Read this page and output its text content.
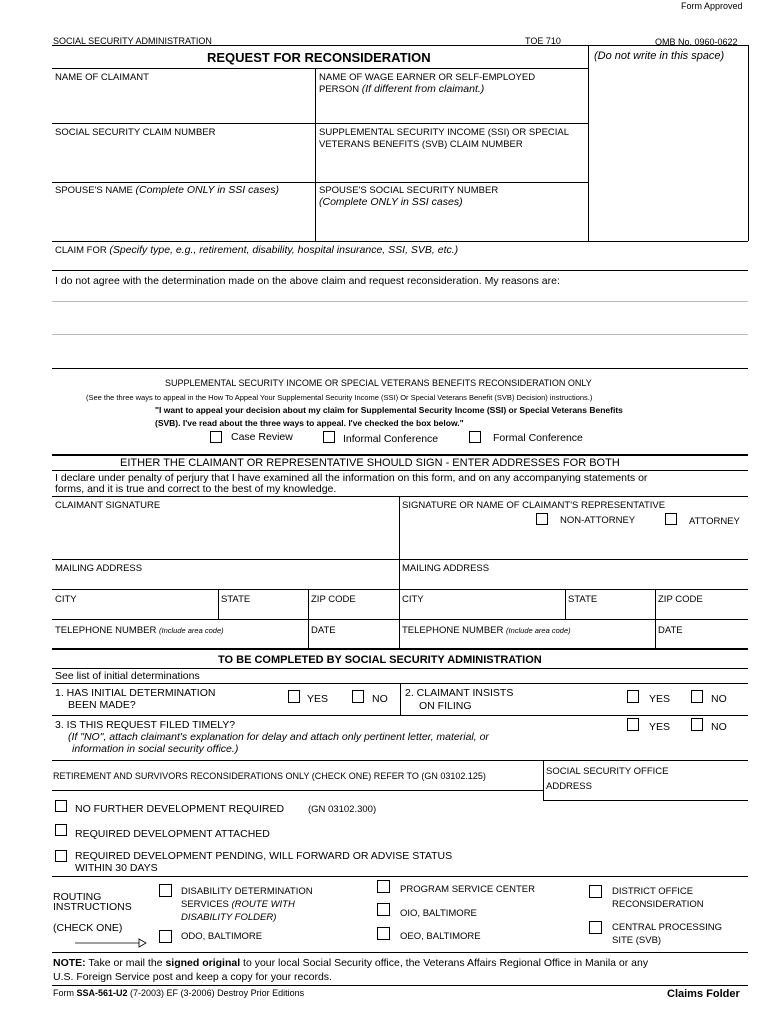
Form Approved
SOCIAL SECURITY ADMINISTRATION	TOE 710	OMB No. 0960-0622
REQUEST FOR RECONSIDERATION	(Do not write in this space)
NAME OF CLAIMANT	NAME OF WAGE EARNER OR SELF-EMPLOYED
PERSON (If different from claimant.)
SOCIAL SECURITY CLAIM NUMBER	SUPPLEMENTAL SECURITY INCOME (SSI) OR SPECIAL
VETERANS BENEFITS (SVB) CLAIM NUMBER
SPOUSE'S NAME (Complete ONLY in SSI cases)	SPOUSE'S SOCIAL SECURITY NUMBER
(Complete ONLY in SSI cases)
CLAIM FOR (Specify type, e.g., retirement, disability, hospital insurance, SSI, SVB, etc.)
I do not agree with the determination made on the above claim and request reconsideration. My reasons are:
SUPPLEMENTAL SECURITY INCOME OR SPECIAL VETERANS BENEFITS RECONSIDERATION ONLY
(See the three ways to appeal in the How To Appeal Your Supplemental Security Income (SSI) Or Special Veterans Benefit (SVB) Decision) instructions.)
"I want to appeal your decision about my claim for Supplemental Security Income (SSI) or Special Veterans Benefits
(SVB). I've read about the three ways to appeal. I've checked the box below."
Case Review	Informal Conference	Formal Conference
EITHER THE CLAIMANT OR REPRESENTATIVE SHOULD SIGN - ENTER ADDRESSES FOR BOTH
I declare under penalty of perjury that I have examined all the information on this form, and on any accompanying statements or
forms, and it is true and correct to the best of my knowledge.
CLAIMANT SIGNATURE	SIGNATURE OR NAME OF CLAIMANT'S REPRESENTATIVE
NON-ATTORNEY	ATTORNEY
MAILING ADDRESS	MAILING ADDRESS
CITY	STATE	ZIP CODE	CITY	STATE	ZIP CODE
TELEPHONE NUMBER (Include area code)	DATE	TELEPHONE NUMBER (Include area code)	DATE
TO BE COMPLETED BY SOCIAL SECURITY ADMINISTRATION
See list of initial determinations
1. HAS INITIAL DETERMINATION
BEEN MADE?	YES	NO 2. CLAIMANT INSISTS
ON FILING
YES	NO
3. IS THIS REQUEST FILED TIMELY?
(If "NO", attach claimant's explanation for delay and attach only pertinent letter, material, or
information in social security office.)
YES	NO
RETIREMENT AND SURVIVORS RECONSIDERATIONS ONLY (CHECK ONE) REFER TO (GN 03102.125)	SOCIAL SECURITY OFFICE
ADDRESS
NO FURTHER DEVELOPMENT REQUIRED	(GN 03102.300)
REQUIRED DEVELOPMENT ATTACHED
REQUIRED DEVELOPMENT PENDING, WILL FORWARD OR ADVISE STATUS
WITHIN 30 DAYS
ROUTING
INSTRUCTIONS
(CHECK ONE)
DISABILITY DETERMINATION
SERVICES (ROUTE WITH
DISABILITY FOLDER)
ODO, BALTIMORE
PROGRAM SERVICE CENTER
OIO, BALTIMORE
OEO, BALTIMORE
DISTRICT OFFICE
RECONSIDERATION
CENTRAL PROCESSING
SITE (SVB)
NOTE: Take or mail the signed original to your local Social Security office, the Veterans Affairs Regional Office in Manila or any
U.S. Foreign Service post and keep a copy for your records.
Form SSA-561-U2 (7-2003) EF (3-2006) Destroy Prior Editions	Claims Folder
